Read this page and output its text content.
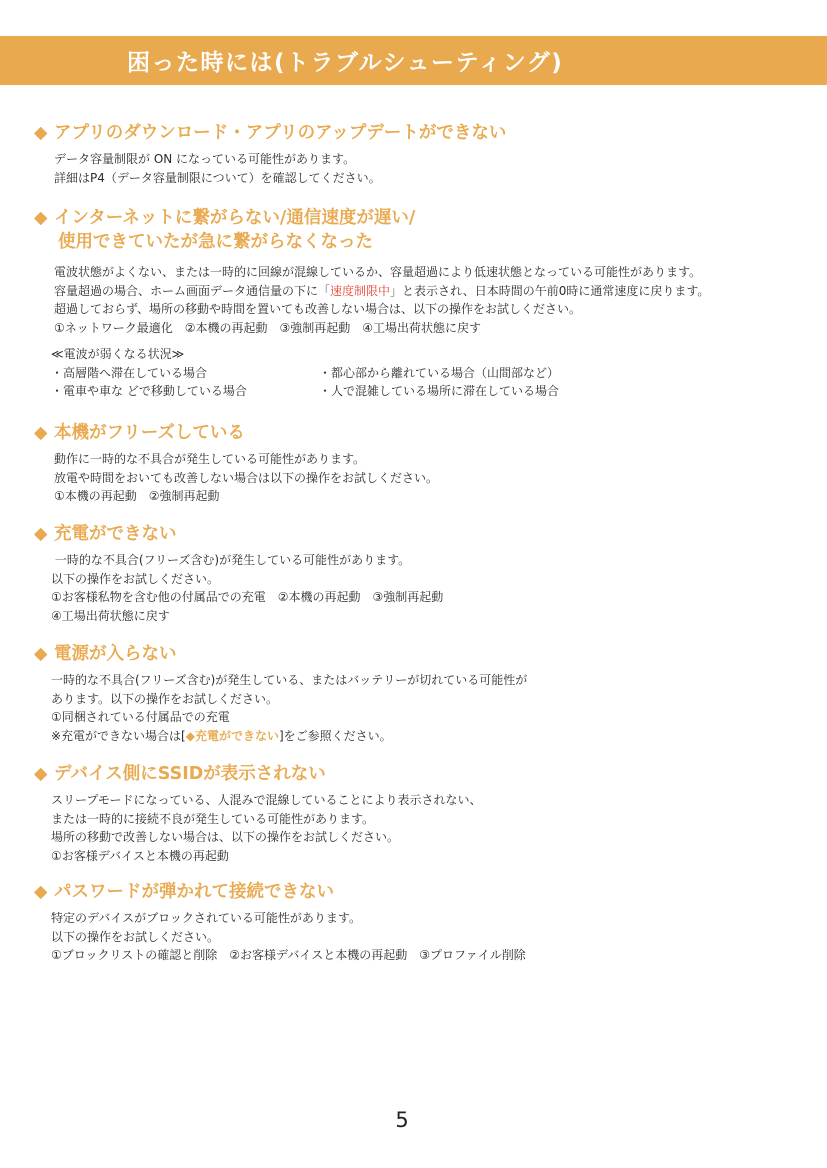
困った時には(トラブルシューティング)
◆ アプリのダウンロード・アプリのアップデートができない
データ容量制限が ON になっている可能性があります。
詳細はP4（データ容量制限について）を確認してください。
◆ インターネットに繋がらない/通信速度が遅い/
使用できていたが急に繋がらなくなった
電波状態がよくない、または一時的に回線が混線しているか、容量超過により低速状態となっている可能性があります。
容量超過の場合、ホーム画面データ通信量の下に「速度制限中」と表示され、日本時間の午前0時に通常速度に戻ります。
超過しておらず、場所の移動や時間を置いても改善しない場合は、以下の操作をお試しください。
①ネットワーク最適化　②本機の再起動　③強制再起動　④工場出荷状態に戻す
≪電波が弱くなる状況≫
・高層階へ滞在している場合	・都心部から離れている場合（山間部など）
・電車や車な どで移動している場合	・人で混雑している場所に滞在している場合
◆ 本機がフリーズしている
動作に一時的な不具合が発生している可能性があります。
放電や時間をおいても改善しない場合は以下の操作をお試しください。
①本機の再起動　②強制再起動
◆ 充電ができない
一時的な不具合(フリーズ含む)が発生している可能性があります。
以下の操作をお試しください。
①お客様私物を含む他の付属品での充電　②本機の再起動　③強制再起動
④工場出荷状態に戻す
◆ 電源が入らない
一時的な不具合(フリーズ含む)が発生している、またはバッテリーが切れている可能性が
あります。以下の操作をお試しください。
①同梱されている付属品での充電
※充電ができない場合は[◆充電ができない]をご参照ください。
◆ デバイス側にSSIDが表示されない
スリープモードになっている、人混みで混線していることにより表示されない、
または一時的に接続不良が発生している可能性があります。
場所の移動で改善しない場合は、以下の操作をお試しください。
①お客様デバイスと本機の再起動
◆ パスワードが弾かれて接続できない
特定のデバイスがブロックされている可能性があります。
以下の操作をお試しください。
①ブロックリストの確認と削除　②お客様デバイスと本機の再起動　③プロファイル削除
5
